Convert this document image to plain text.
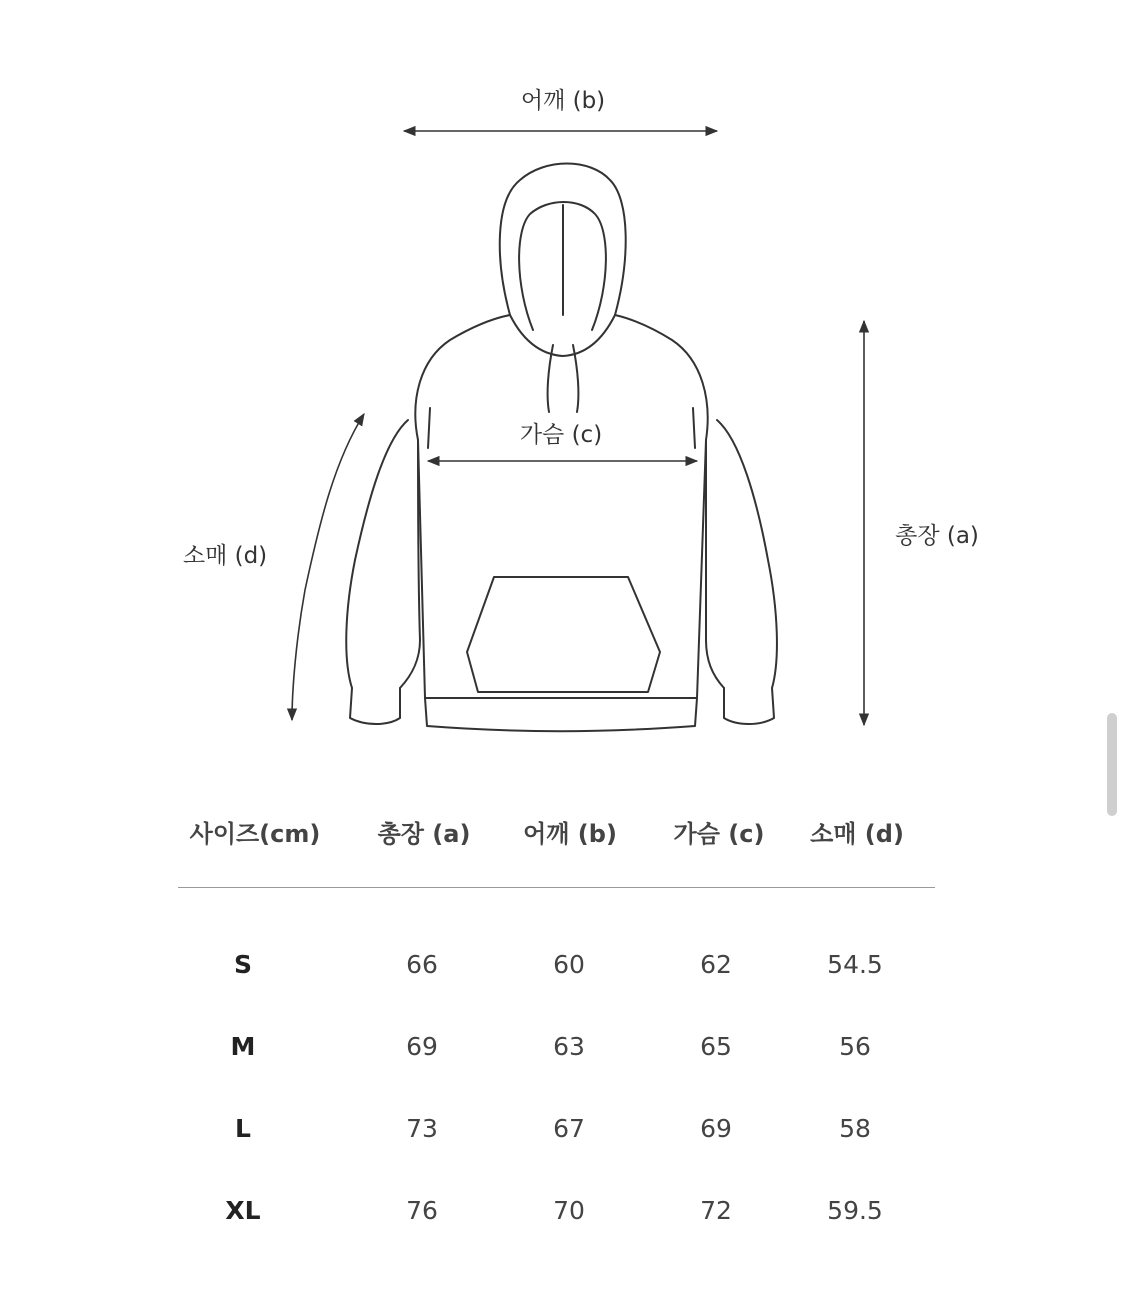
어깨 (b)
가슴 (c)
소매 (d)
총장 (a)
사이즈(cm) 총장 (a) 어깨 (b) 가슴 (c) 소매 (d)
S	66	60	62	54.5
M	69	63	65	56
L	73	67	69	58
XL	76	70	72	59.5
